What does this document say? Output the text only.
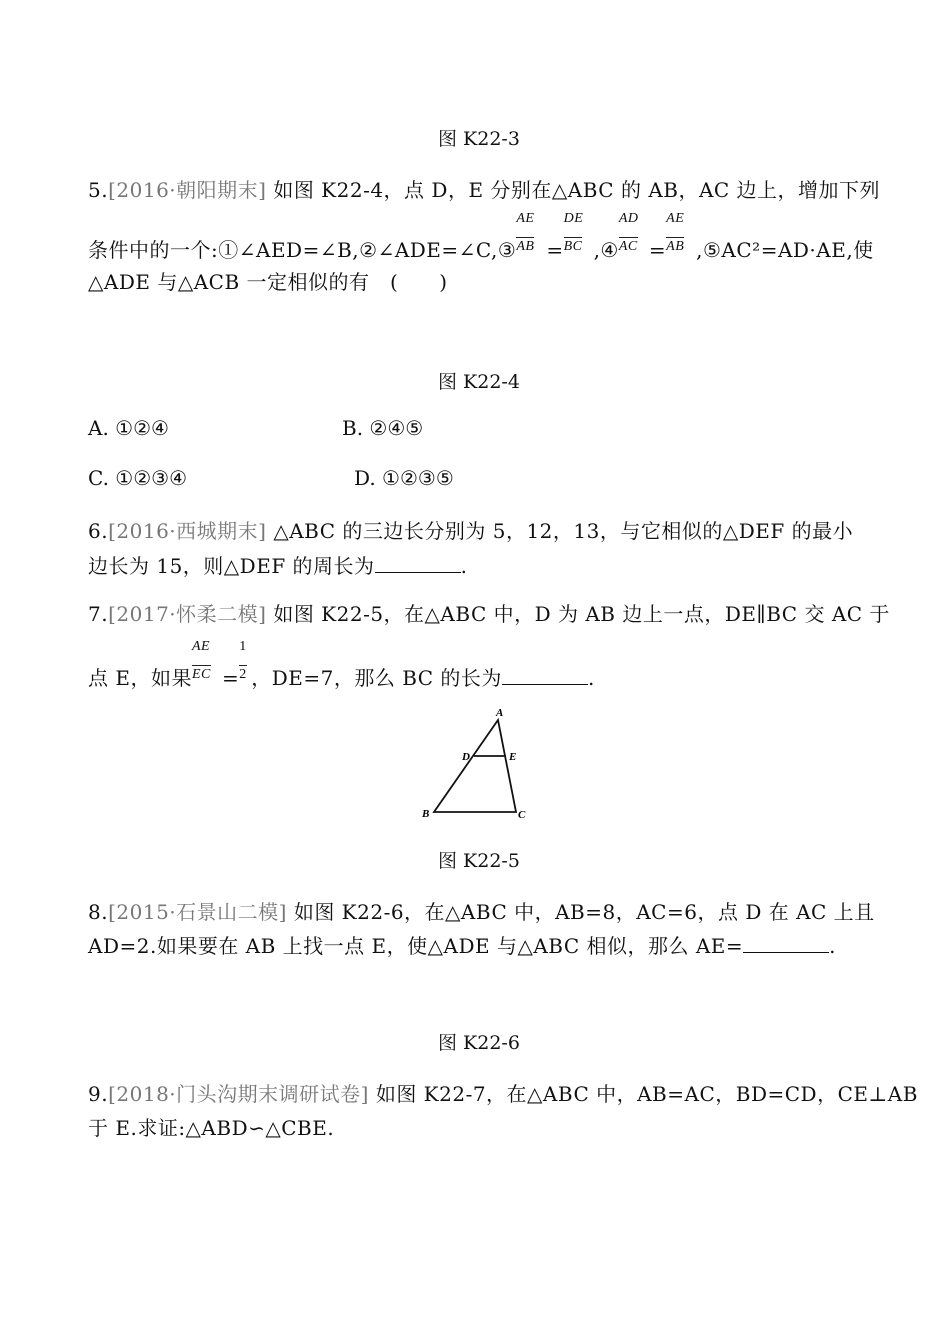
图 K22-3
5.[2016·朝阳期末] 如图 K22-4，点 D，E 分别在△ABC 的 AB，AC 边上，增加下列
条件中的一个:①∠AED=∠B,②∠ADE=∠C,③ $\frac{AE}{AB} = \frac{DE}{BC}$ ,④ $\frac{AD}{AC} = \frac{AE}{AB}$ ,⑤AC²=AD·AE,使
△ADE 与△ACB 一定相似的有　(　　)
图 K22-4
A. ①②④	B. ②④⑤
C. ①②③④	D. ①②③⑤
6.[2016·西城期末] △ABC 的三边长分别为 5，12，13，与它相似的△DEF 的最小
边长为 15，则△DEF 的周长为	.
7.[2017·怀柔二模] 如图 K22-5，在△ABC 中，D 为 AB 边上一点，DE∥BC 交 AC 于
点 E，如果 $\frac{AE}{EC} = \frac{1}{2}$ ，DE=7，那么 BC 的长为	.
A
D	E
B	C
图 K22-5
8.[2015·石景山二模] 如图 K22-6，在△ABC 中，AB=8，AC=6，点 D 在 AC 上且
AD=2.如果要在 AB 上找一点 E，使△ADE 与△ABC 相似，那么 AE=	.
图 K22-6
9.[2018·门头沟期末调研试卷] 如图 K22-7，在△ABC 中，AB=AC，BD=CD，CE⊥AB
于 E.求证:△ABD∽△CBE.
